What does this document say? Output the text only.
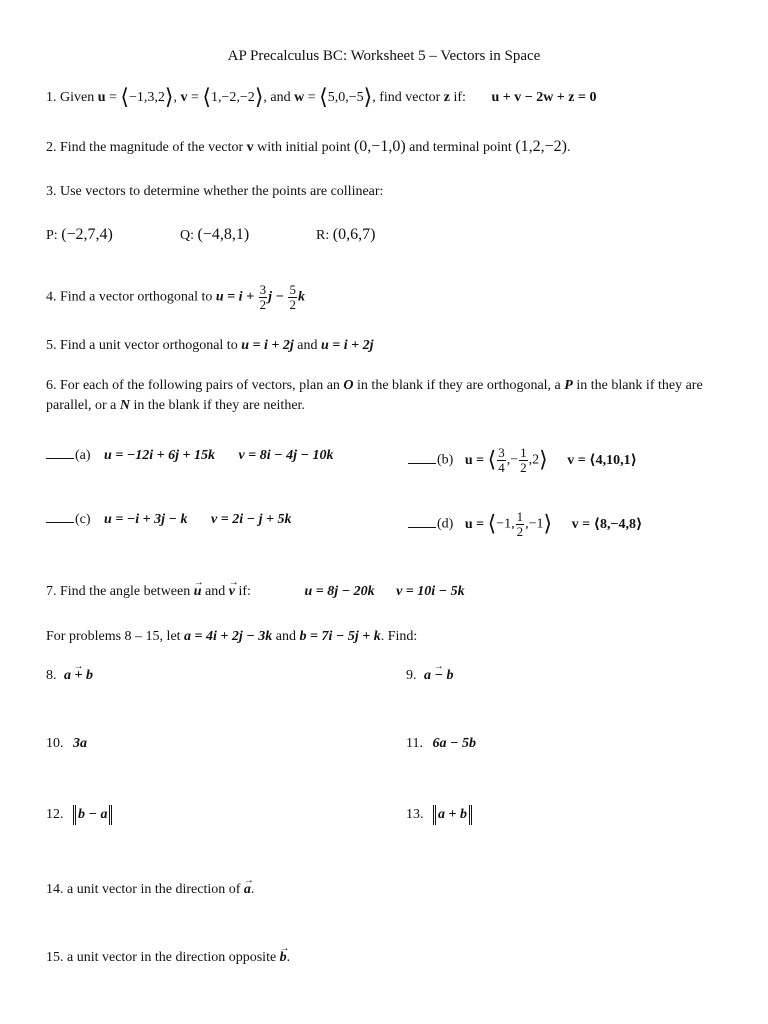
AP Precalculus BC: Worksheet 5 – Vectors in Space
1. Given u = ⟨−1,3,2⟩, v = ⟨1,−2,−2⟩, and w = ⟨5,0,−5⟩, find vector z if: u + v − 2w + z = 0
2. Find the magnitude of the vector v with initial point (0,−1,0) and terminal point (1,2,−2).
3. Use vectors to determine whether the points are collinear:
P: (−2,7,4)	Q: (−4,8,1)	R: (0,6,7)
4. Find a vector orthogonal to $u = i + \frac{3}{2}$ $j - \frac{5}{2}$ k
5. Find a unit vector orthogonal to u = i + 2j and u = i + 2j
6. For each of the following pairs of vectors, plan an O in the blank if they are orthogonal, a P in the blank if they are
parallel, or a N in the blank if they are neither.
(a) u = −12i + 6j + 15k v = 8i − 4j − 10k	(b) u = ⟨ $\frac{3}{4}$ ,− $\frac{1}{2}$ ,2⟩ v = ⟨4,10,1⟩
(c) u = −i + 3j − k v = 2i − j + 5k	(d) u = ⟨−1, $\frac{1}{2}$ ,−1⟩ v = ⟨8,−4,8⟩
7. Find the angle between → u and → v if:	u = 8j − 20k v = 10i − 5k
For problems 8 – 15, let a = 4i + 2j − 3k and b = 7i − 5j + k. Find:
8. → a + b	9. → a − b
10. 3a	11. 6a − 5b
12. b − a	13. a + b
14. a unit vector in the direction of → a.
15. a unit vector in the direction opposite → b.
